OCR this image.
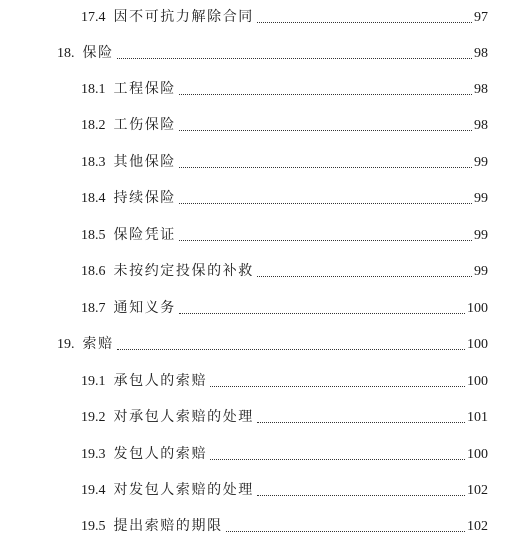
17.4 因不可抗力解除合同	97
18. 保险	98
18.1 工程保险	98
18.2 工伤保险	98
18.3 其他保险	99
18.4 持续保险	99
18.5 保险凭证	99
18.6 未按约定投保的补救	99
18.7 通知义务	100
19. 索赔	100
19.1 承包人的索赔	100
19.2 对承包人索赔的处理	101
19.3 发包人的索赔	100
19.4 对发包人索赔的处理	102
19.5 提出索赔的期限	102
